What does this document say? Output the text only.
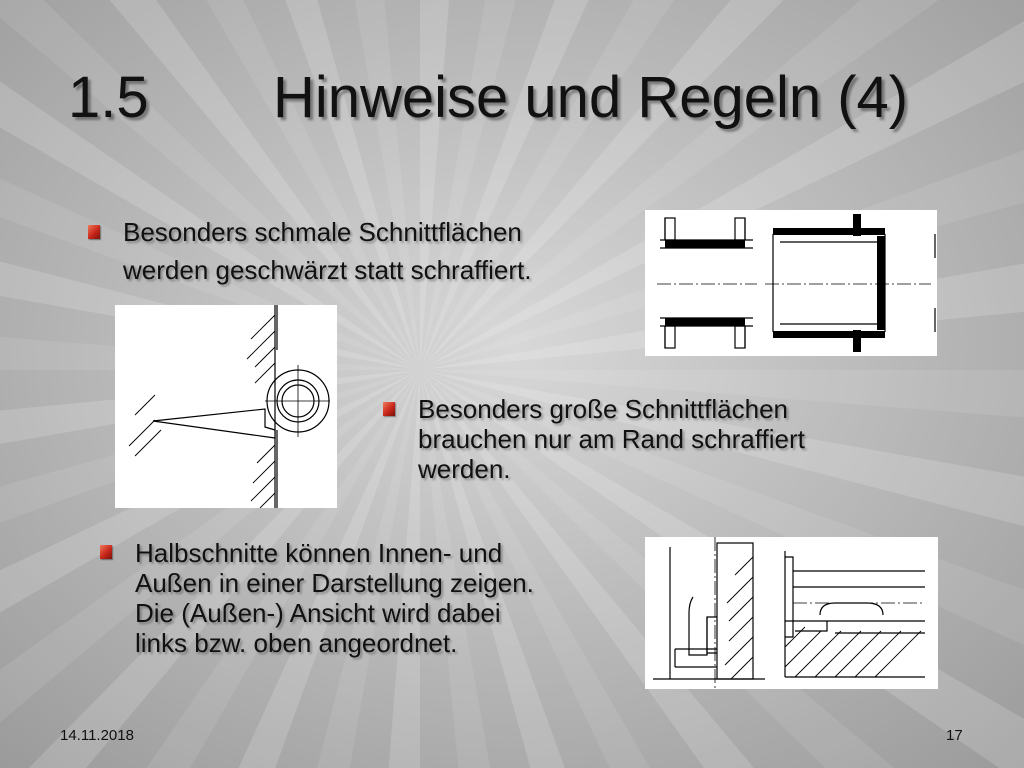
1.5 Hinweise und Regeln (4)

Besonders schmale Schnittflächen
werden geschwärzt statt schraffiert.

Besonders große Schnittflächen
brauchen nur am Rand schraffiert
werden.

Halbschnitte können Innen- und
Außen in einer Darstellung zeigen.
Die (Außen-) Ansicht wird dabei
links bzw. oben angeordnet.

14.11.2018	17
